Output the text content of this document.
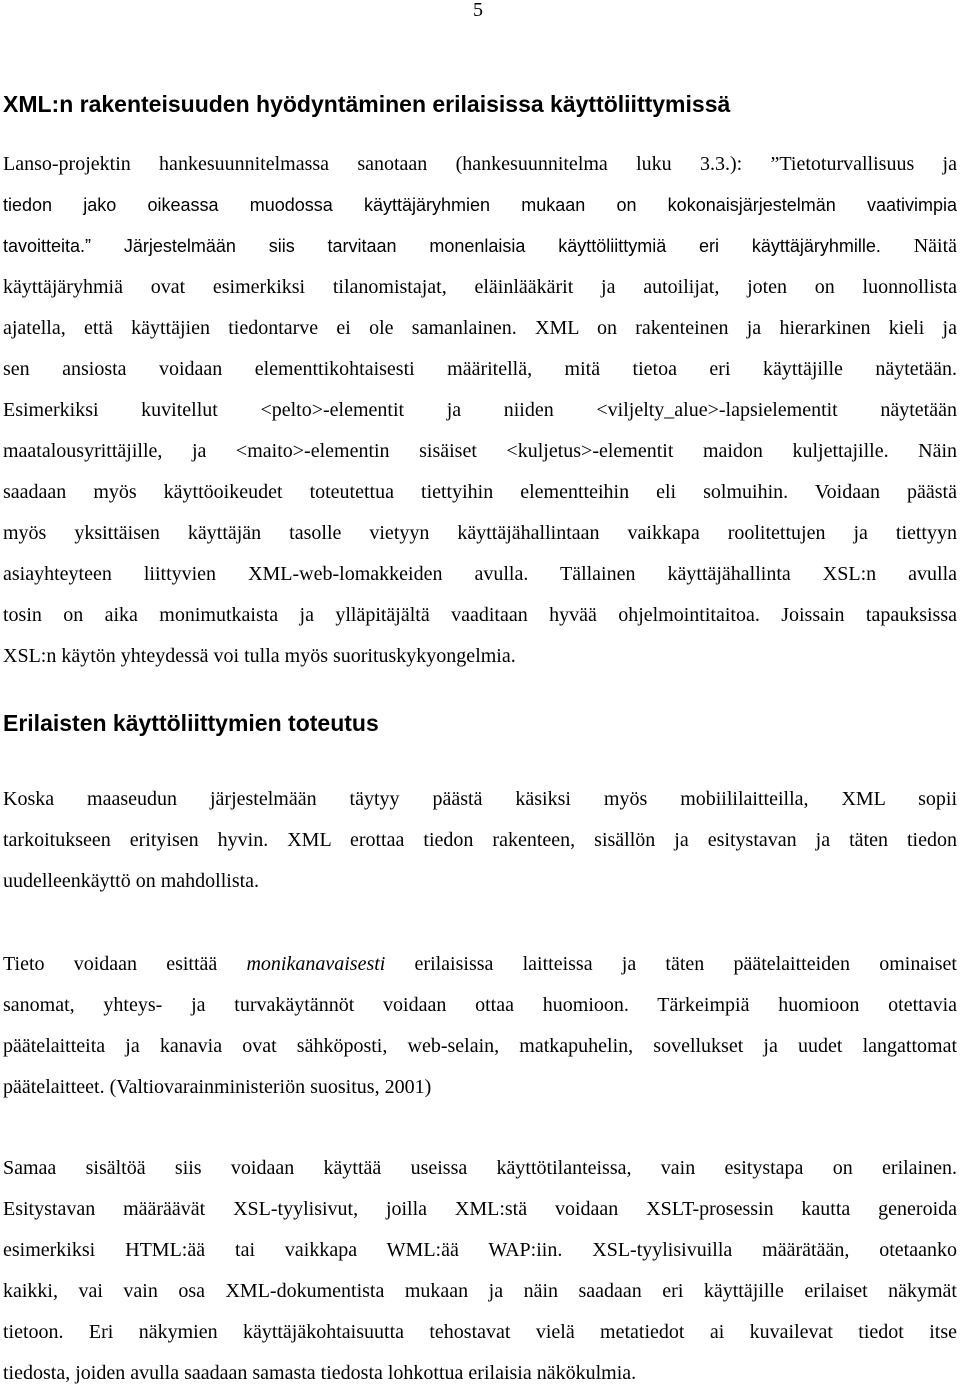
5
XML:n rakenteisuuden hyödyntäminen erilaisissa käyttöliittymissä
Lanso-projektin hankesuunnitelmassa sanotaan (hankesuunnitelma luku 3.3.): ”Tietoturvallisuus ja
tiedon jako oikeassa muodossa käyttäjäryhmien mukaan on kokonaisjärjestelmän vaativimpia
tavoitteita.” Järjestelmään siis tarvitaan monenlaisia käyttöliittymiä eri käyttäjäryhmille. Näitä
käyttäjäryhmiä ovat esimerkiksi tilanomistajat, eläinlääkärit ja autoilijat, joten on luonnollista
ajatella, että käyttäjien tiedontarve ei ole samanlainen. XML on rakenteinen ja hierarkinen kieli ja
sen ansiosta voidaan elementtikohtaisesti määritellä, mitä tietoa eri käyttäjille näytetään.
Esimerkiksi kuvitellut <pelto>-elementit ja niiden <viljelty_alue>-lapsielementit näytetään
maatalousyrittäjille, ja <maito>-elementin sisäiset <kuljetus>-elementit maidon kuljettajille. Näin
saadaan myös käyttöoikeudet toteutettua tiettyihin elementteihin eli solmuihin. Voidaan päästä
myös yksittäisen käyttäjän tasolle vietyyn käyttäjähallintaan vaikkapa roolitettujen ja tiettyyn
asiayhteyteen liittyvien XML-web-lomakkeiden avulla. Tällainen käyttäjähallinta XSL:n avulla
tosin on aika monimutkaista ja ylläpitäjältä vaaditaan hyvää ohjelmointitaitoa. Joissain tapauksissa
XSL:n käytön yhteydessä voi tulla myös suorituskykyongelmia.
Erilaisten käyttöliittymien toteutus
Koska maaseudun järjestelmään täytyy päästä käsiksi myös mobiililaitteilla, XML sopii
tarkoitukseen erityisen hyvin. XML erottaa tiedon rakenteen, sisällön ja esitystavan ja täten tiedon
uudelleenkäyttö on mahdollista.
Tieto voidaan esittää monikanavaisesti erilaisissa laitteissa ja täten päätelaitteiden ominaiset
sanomat, yhteys- ja turvakäytännöt voidaan ottaa huomioon. Tärkeimpiä huomioon otettavia
päätelaitteita ja kanavia ovat sähköposti, web-selain, matkapuhelin, sovellukset ja uudet langattomat
päätelaitteet. (Valtiovarainministeriön suositus, 2001)
Samaa sisältöä siis voidaan käyttää useissa käyttötilanteissa, vain esitystapa on erilainen.
Esitystavan määräävät XSL-tyylisivut, joilla XML:stä voidaan XSLT-prosessin kautta generoida
esimerkiksi HTML:ää tai vaikkapa WML:ää WAP:iin. XSL-tyylisivuilla määrätään, otetaanko
kaikki, vai vain osa XML-dokumentista mukaan ja näin saadaan eri käyttäjille erilaiset näkymät
tietoon. Eri näkymien käyttäjäkohtaisuutta tehostavat vielä metatiedot ai kuvailevat tiedot itse
tiedosta, joiden avulla saadaan samasta tiedosta lohkottua erilaisia näkökulmia.
